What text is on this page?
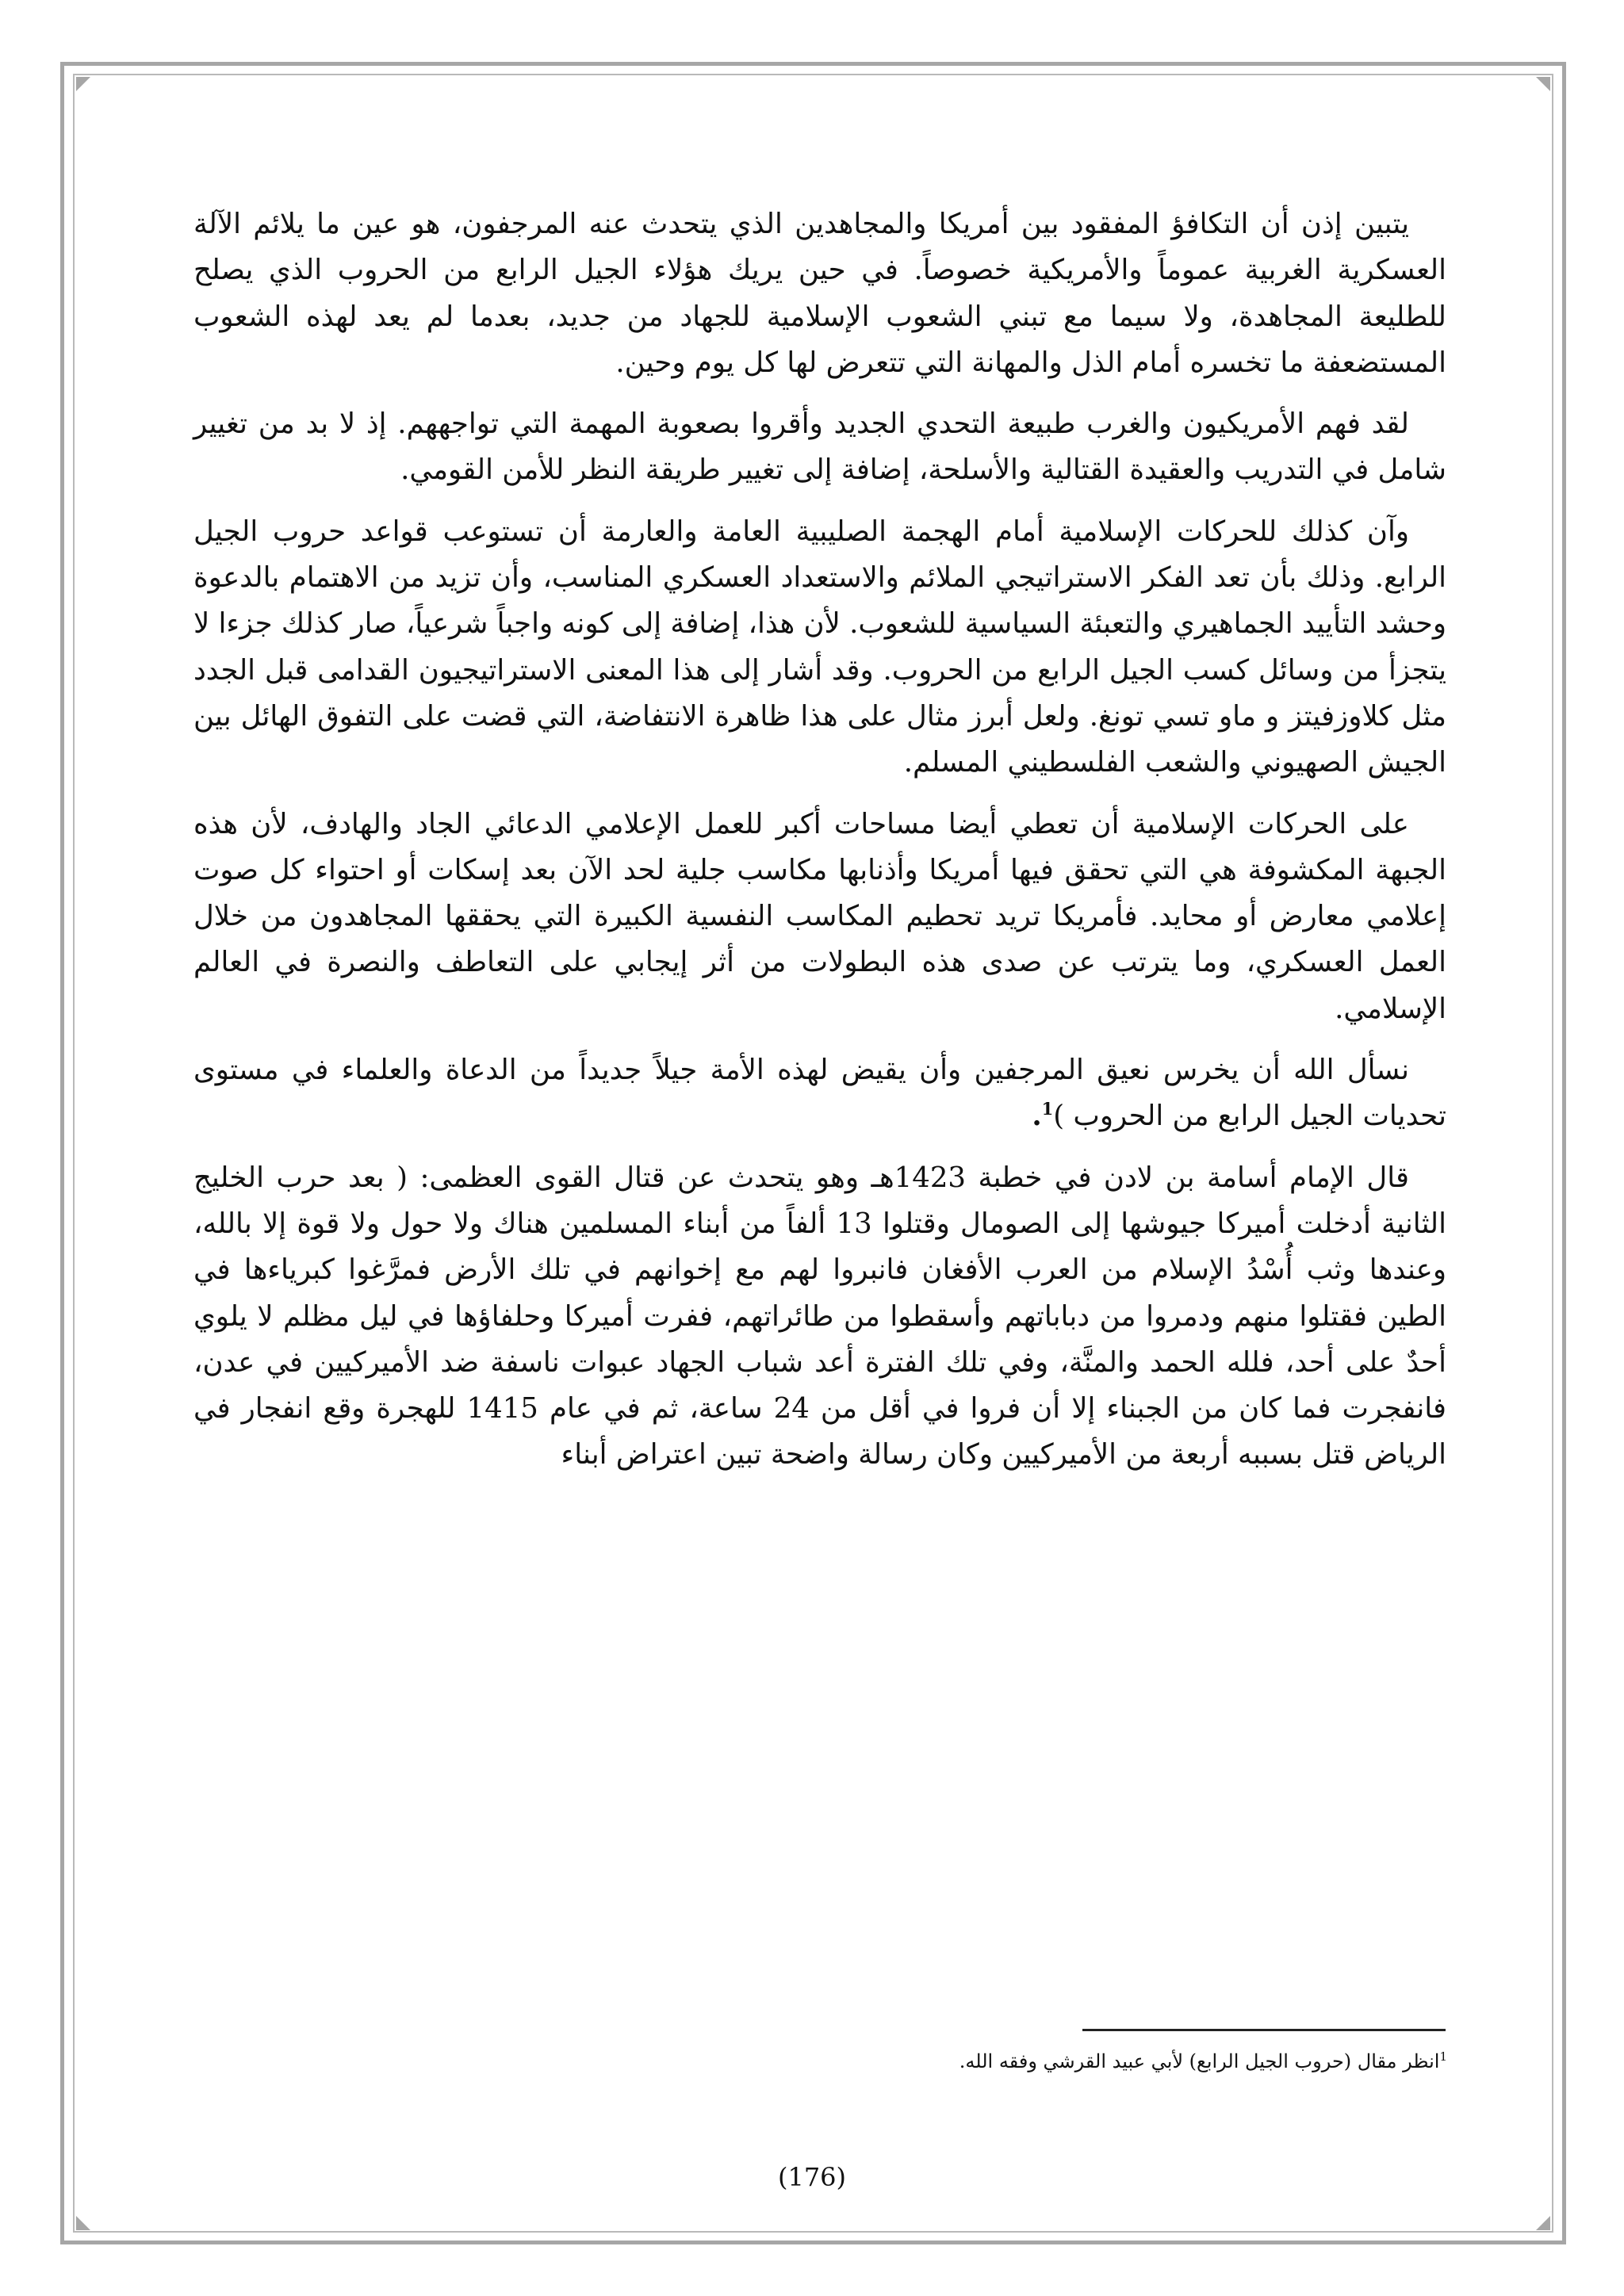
يتبين إذن أن التكافؤ المفقود بين أمريكا والمجاهدين الذي يتحدث عنه المرجفون، هو عين ما يلائم الآلة العسكرية الغربية عموماً والأمريكية خصوصاً. في حين يريك هؤلاء الجيل الرابع من الحروب الذي يصلح للطليعة المجاهدة، ولا سيما مع تبني الشعوب الإسلامية للجهاد من جديد، بعدما لم يعد لهذه الشعوب المستضعفة ما تخسره أمام الذل والمهانة التي تتعرض لها كل يوم وحين.

لقد فهم الأمريكيون والغرب طبيعة التحدي الجديد وأقروا بصعوبة المهمة التي تواجههم. إذ لا بد من تغيير شامل في التدريب والعقيدة القتالية والأسلحة، إضافة إلى تغيير طريقة النظر للأمن القومي.

وآن كذلك للحركات الإسلامية أمام الهجمة الصليبية العامة والعارمة أن تستوعب قواعد حروب الجيل الرابع. وذلك بأن تعد الفكر الاستراتيجي الملائم والاستعداد العسكري المناسب، وأن تزيد من الاهتمام بالدعوة وحشد التأييد الجماهيري والتعبئة السياسية للشعوب. لأن هذا، إضافة إلى كونه واجباً شرعياً، صار كذلك جزءا لا يتجزأ من وسائل كسب الجيل الرابع من الحروب. وقد أشار إلى هذا المعنى الاستراتيجيون القدامى قبل الجدد مثل كلاوزفيتز و ماو تسي تونغ. ولعل أبرز مثال على هذا ظاهرة الانتفاضة، التي قضت على التفوق الهائل بين الجيش الصهيوني والشعب الفلسطيني المسلم.

على الحركات الإسلامية أن تعطي أيضا مساحات أكبر للعمل الإعلامي الدعائي الجاد والهادف، لأن هذه الجبهة المكشوفة هي التي تحقق فيها أمريكا وأذنابها مكاسب جلية لحد الآن بعد إسكات أو احتواء كل صوت إعلامي معارض أو محايد. فأمريكا تريد تحطيم المكاسب النفسية الكبيرة التي يحققها المجاهدون من خلال العمل العسكري، وما يترتب عن صدى هذه البطولات من أثر إيجابي على التعاطف والنصرة في العالم الإسلامي.

نسأل الله أن يخرس نعيق المرجفين وأن يقيض لهذه الأمة جيلاً جديداً من الدعاة والعلماء في مستوى تحديات الجيل الرابع من الحروب )$^1$.

قال الإمام أسامة بن لادن في خطبة 1423هـ وهو يتحدث عن قتال القوى العظمى: ( بعد حرب الخليج الثانية أدخلت أميركا جيوشها إلى الصومال وقتلوا 13 ألفاً من أبناء المسلمين هناك ولا حول ولا قوة إلا بالله، وعندها وثب أُسْدُ الإسلام من العرب الأفغان فانبروا لهم مع إخوانهم في تلك الأرض فمرَّغوا كبرياءها في الطين فقتلوا منهم ودمروا من دباباتهم وأسقطوا من طائراتهم، ففرت أميركا وحلفاؤها في ليل مظلم لا يلوي أحدٌ على أحد، فلله الحمد والمنَّة، وفي تلك الفترة أعد شباب الجهاد عبوات ناسفة ضد الأميركيين في عدن، فانفجرت فما كان من الجبناء إلا أن فروا في أقل من 24 ساعة، ثم في عام 1415 للهجرة وقع انفجار في الرياض قتل بسببه أربعة من الأميركيين وكان رسالة واضحة تبين اعتراض أبناء

$^1$انظر مقال (حروب الجيل الرابع) لأبي عبيد القرشي وفقه الله.
(176)
